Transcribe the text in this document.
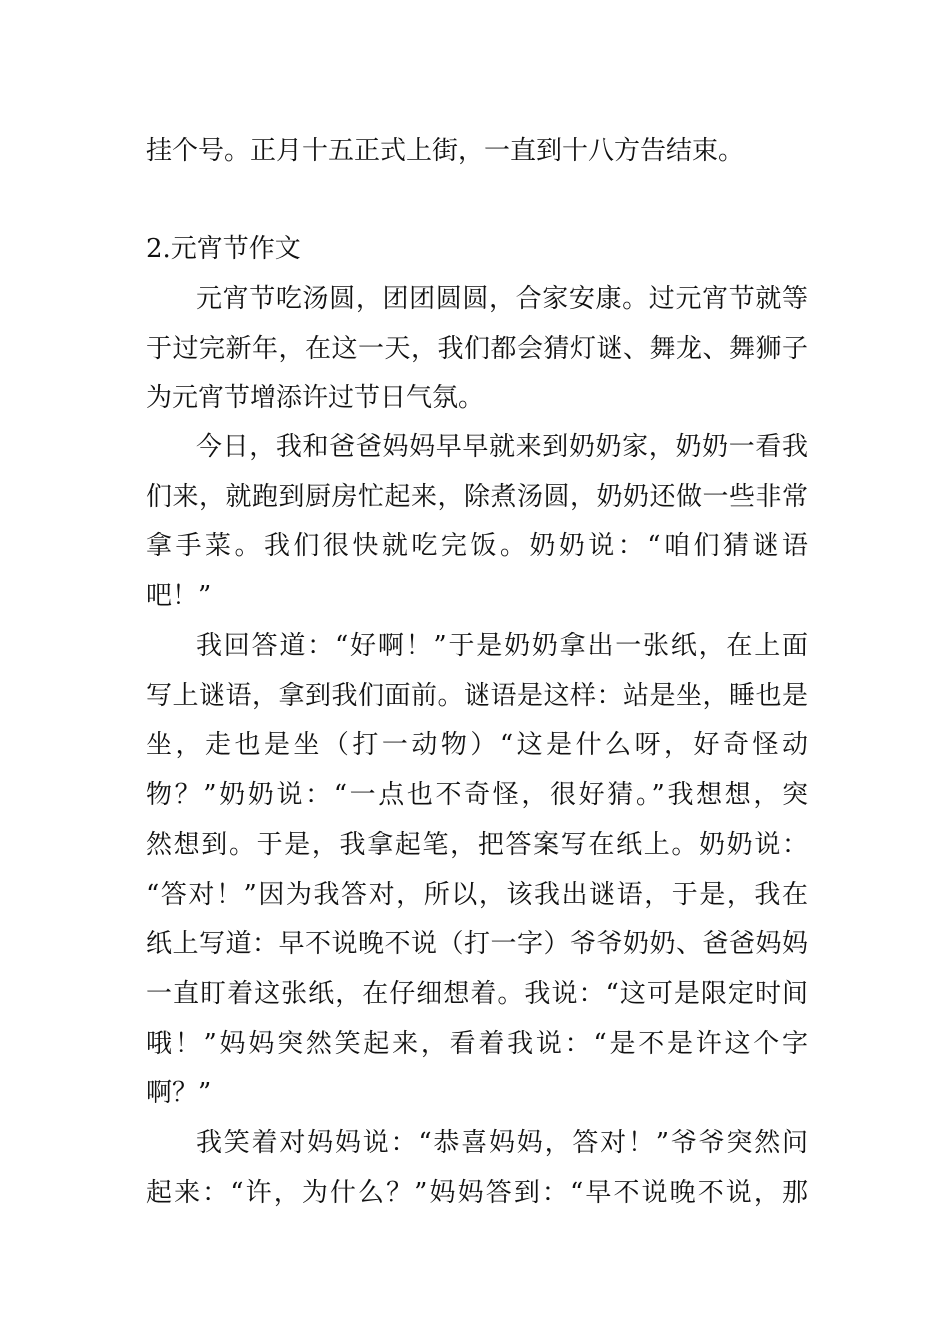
挂个号。正月十五正式上街，一直到十八方告结束。
2.元宵节作文
元宵节吃汤圆，团团圆圆，合家安康。过元宵节就等
于过完新年，在这一天，我们都会猜灯谜、舞龙、舞狮子
为元宵节增添许过节日气氛。
今日，我和爸爸妈妈早早就来到奶奶家，奶奶一看我
们来，就跑到厨房忙起来，除煮汤圆，奶奶还做一些非常
拿手菜。我们很快就吃完饭。奶奶说：“咱们猜谜语
吧！”
我回答道：“好啊！”于是奶奶拿出一张纸，在上面
写上谜语，拿到我们面前。谜语是这样：站是坐，睡也是
坐，走也是坐（打一动物）“这是什么呀，好奇怪动
物？”奶奶说：“一点也不奇怪，很好猜。”我想想，突
然想到。于是，我拿起笔，把答案写在纸上。奶奶说：
“答对！”因为我答对，所以，该我出谜语，于是，我在
纸上写道：早不说晚不说（打一字）爷爷奶奶、爸爸妈妈
一直盯着这张纸，在仔细想着。我说：“这可是限定时间
哦！”妈妈突然笑起来，看着我说：“是不是许这个字
啊？”
我笑着对妈妈说：“恭喜妈妈，答对！”爷爷突然问
起来：“许，为什么？”妈妈答到：“早不说晚不说，那
